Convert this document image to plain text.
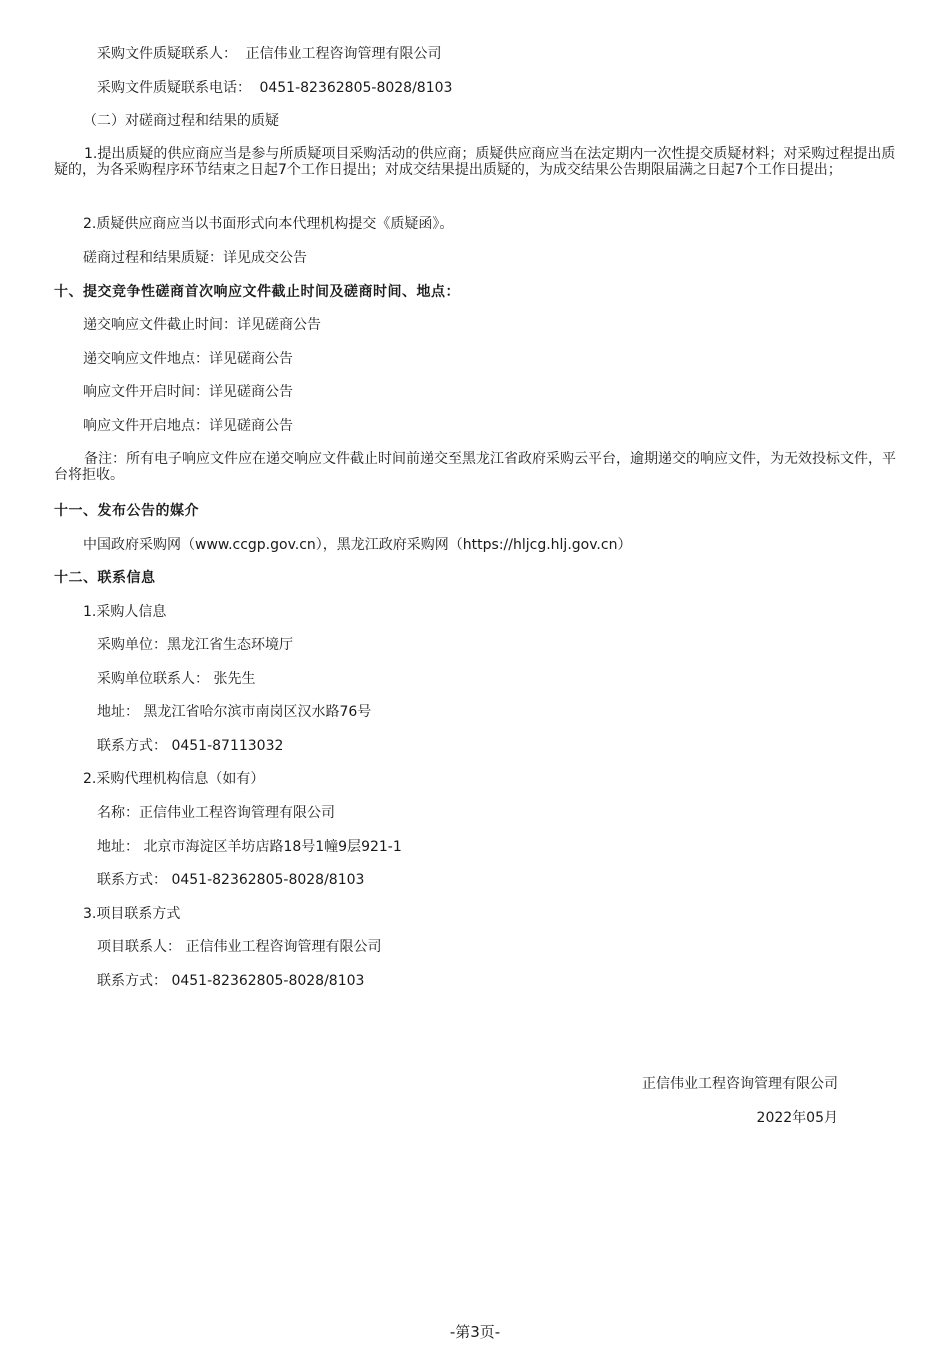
采购文件质疑联系人： 正信伟业工程咨询管理有限公司
采购文件质疑联系电话： 0451-82362805-8028/8103
（二）对磋商过程和结果的质疑
1.提出质疑的供应商应当是参与所质疑项目采购活动的供应商；质疑供应商应当在法定期内一次性提交质疑材料；对采购过程提出质疑的，为各采购程序环节结束之日起7个工作日提出；对成交结果提出质疑的，为成交结果公告期限届满之日起7个工作日提出；
2.质疑供应商应当以书面形式向本代理机构提交《质疑函》。
磋商过程和结果质疑：详见成交公告
十、提交竞争性磋商首次响应文件截止时间及磋商时间、地点：
递交响应文件截止时间：详见磋商公告
递交响应文件地点：详见磋商公告
响应文件开启时间：详见磋商公告
响应文件开启地点：详见磋商公告
备注：所有电子响应文件应在递交响应文件截止时间前递交至黑龙江省政府采购云平台，逾期递交的响应文件，为无效投标文件，平台将拒收。
十一、发布公告的媒介
中国政府采购网（www.ccgp.gov.cn），黑龙江政府采购网（https://hljcg.hlj.gov.cn）
十二、联系信息
1.采购人信息
采购单位：黑龙江省生态环境厅
采购单位联系人： 张先生
地址： 黑龙江省哈尔滨市南岗区汉水路76号
联系方式： 0451-87113032
2.采购代理机构信息（如有）
名称：正信伟业工程咨询管理有限公司
地址： 北京市海淀区羊坊店路18号1幢9层921-1
联系方式： 0451-82362805-8028/8103
3.项目联系方式
项目联系人： 正信伟业工程咨询管理有限公司
联系方式： 0451-82362805-8028/8103
正信伟业工程咨询管理有限公司
2022年05月
-第3页-
